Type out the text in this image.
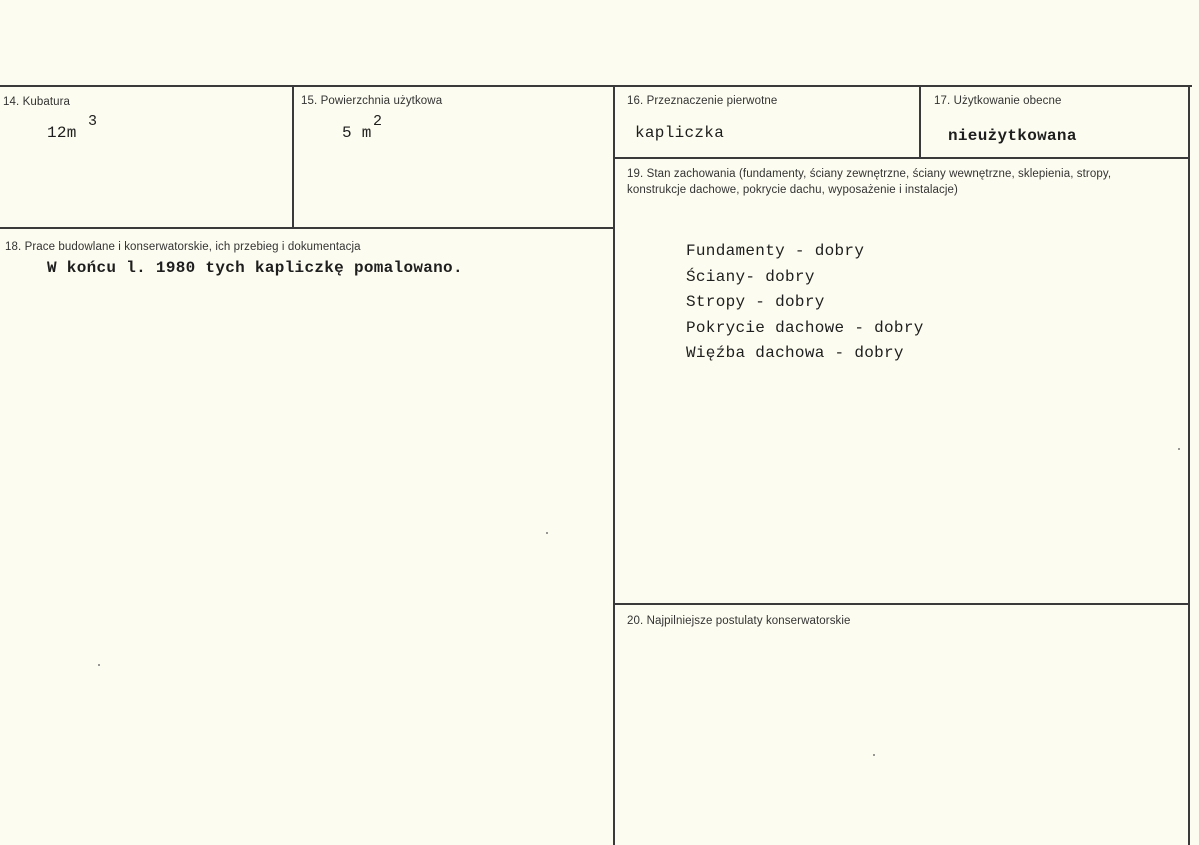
14. Kubatura
12m
3
15. Powierzchnia użytkowa
5 m
2
16. Przeznaczenie pierwotne
kapliczka
17. Użytkowanie obecne
nieużytkowana
18. Prace budowlane i konserwatorskie, ich przebieg i dokumentacja
W końcu l. 1980 tych kapliczkę pomalowano.
19. Stan zachowania (fundamenty, ściany zewnętrzne, ściany wewnętrzne, sklepienia, stropy, konstrukcje dachowe, pokrycie dachu, wyposażenie i instalacje)
Fundamenty - dobry
Ściany- dobry
Stropy - dobry
Pokrycie dachowe - dobry
Więźba dachowa - dobry
20. Najpilniejsze postulaty konserwatorskie
